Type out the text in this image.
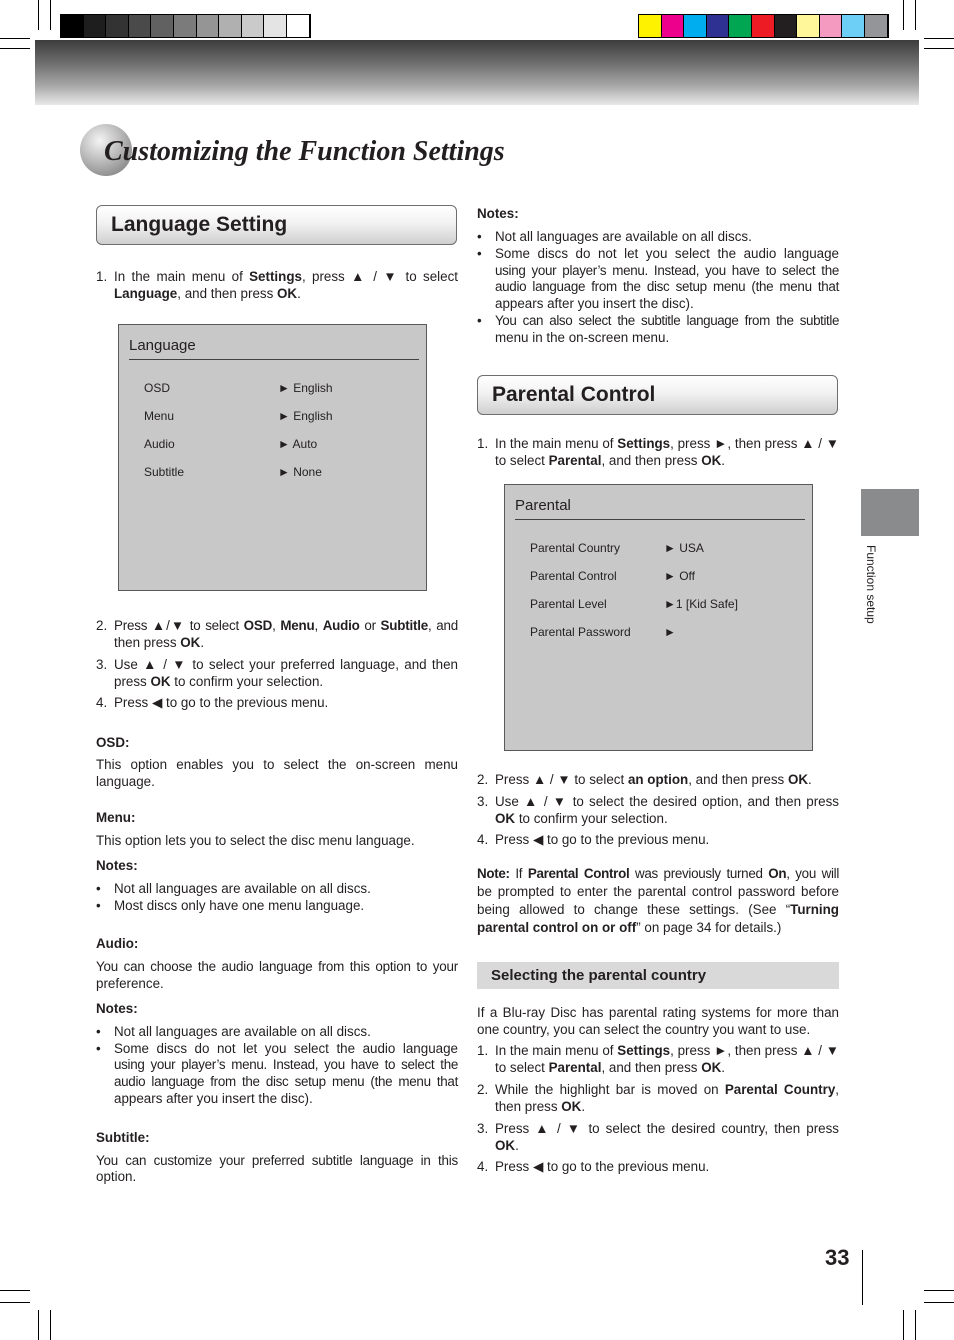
Customizing the Function Settings
Language Setting
1. In the main menu of Settings, press ▲ / ▼ to select
Language, and then press OK.
Language
OSD	► English
Menu	► English
Audio	► Auto
Subtitle	► None
2. Press ▲/▼ to select OSD, Menu, Audio or Subtitle, and
then press OK.
3. Use ▲ / ▼ to select your preferred language, and then
press OK to confirm your selection.
4. Press ◀ to go to the previous menu.
OSD:
This option enables you to select the on-screen menu
language.
Menu:
This option lets you to select the disc menu language.
Notes:
• Not all languages are available on all discs.
• Most discs only have one menu language.
Audio:
You can choose the audio language from this option to your
preference.
Notes:
• Not all languages are available on all discs.
• Some discs do not let you select the audio language
using your player’s menu. Instead, you have to select the
audio language from the disc setup menu (the menu that
appears after you insert the disc).
Subtitle:
You can customize your preferred subtitle language in this
option.
Notes:
• Not all languages are available on all discs.
• Some discs do not let you select the audio language
using your player’s menu. Instead, you have to select the
audio language from the disc setup menu (the menu that
appears after you insert the disc).
• You can also select the subtitle language from the subtitle
menu in the on-screen menu.
Parental Control
1. In the main menu of Settings, press ►, then press ▲ / ▼
to select Parental, and then press OK.
Parental
Parental Country	► USA
Parental Control	► Off
Parental Level	►1 [Kid Safe]
Parental Password	►
2. Press ▲ / ▼ to select an option, and then press OK.
3. Use ▲ / ▼ to select the desired option, and then press
OK to confirm your selection.
4. Press ◀ to go to the previous menu.
Note: If Parental Control was previously turned On, you will
be prompted to enter the parental control password before
being allowed to change these settings. (See “Turning
parental control on or off” on page 34 for details.)
Selecting the parental country
If a Blu-ray Disc has parental rating systems for more than
one country, you can select the country you want to use.
1. In the main menu of Settings, press ►, then press ▲ / ▼
to select Parental, and then press OK.
2. While the highlight bar is moved on Parental Country,
then press OK.
3. Press ▲ / ▼ to select the desired country, then press
OK.
4. Press ◀ to go to the previous menu.
Function setup
33
